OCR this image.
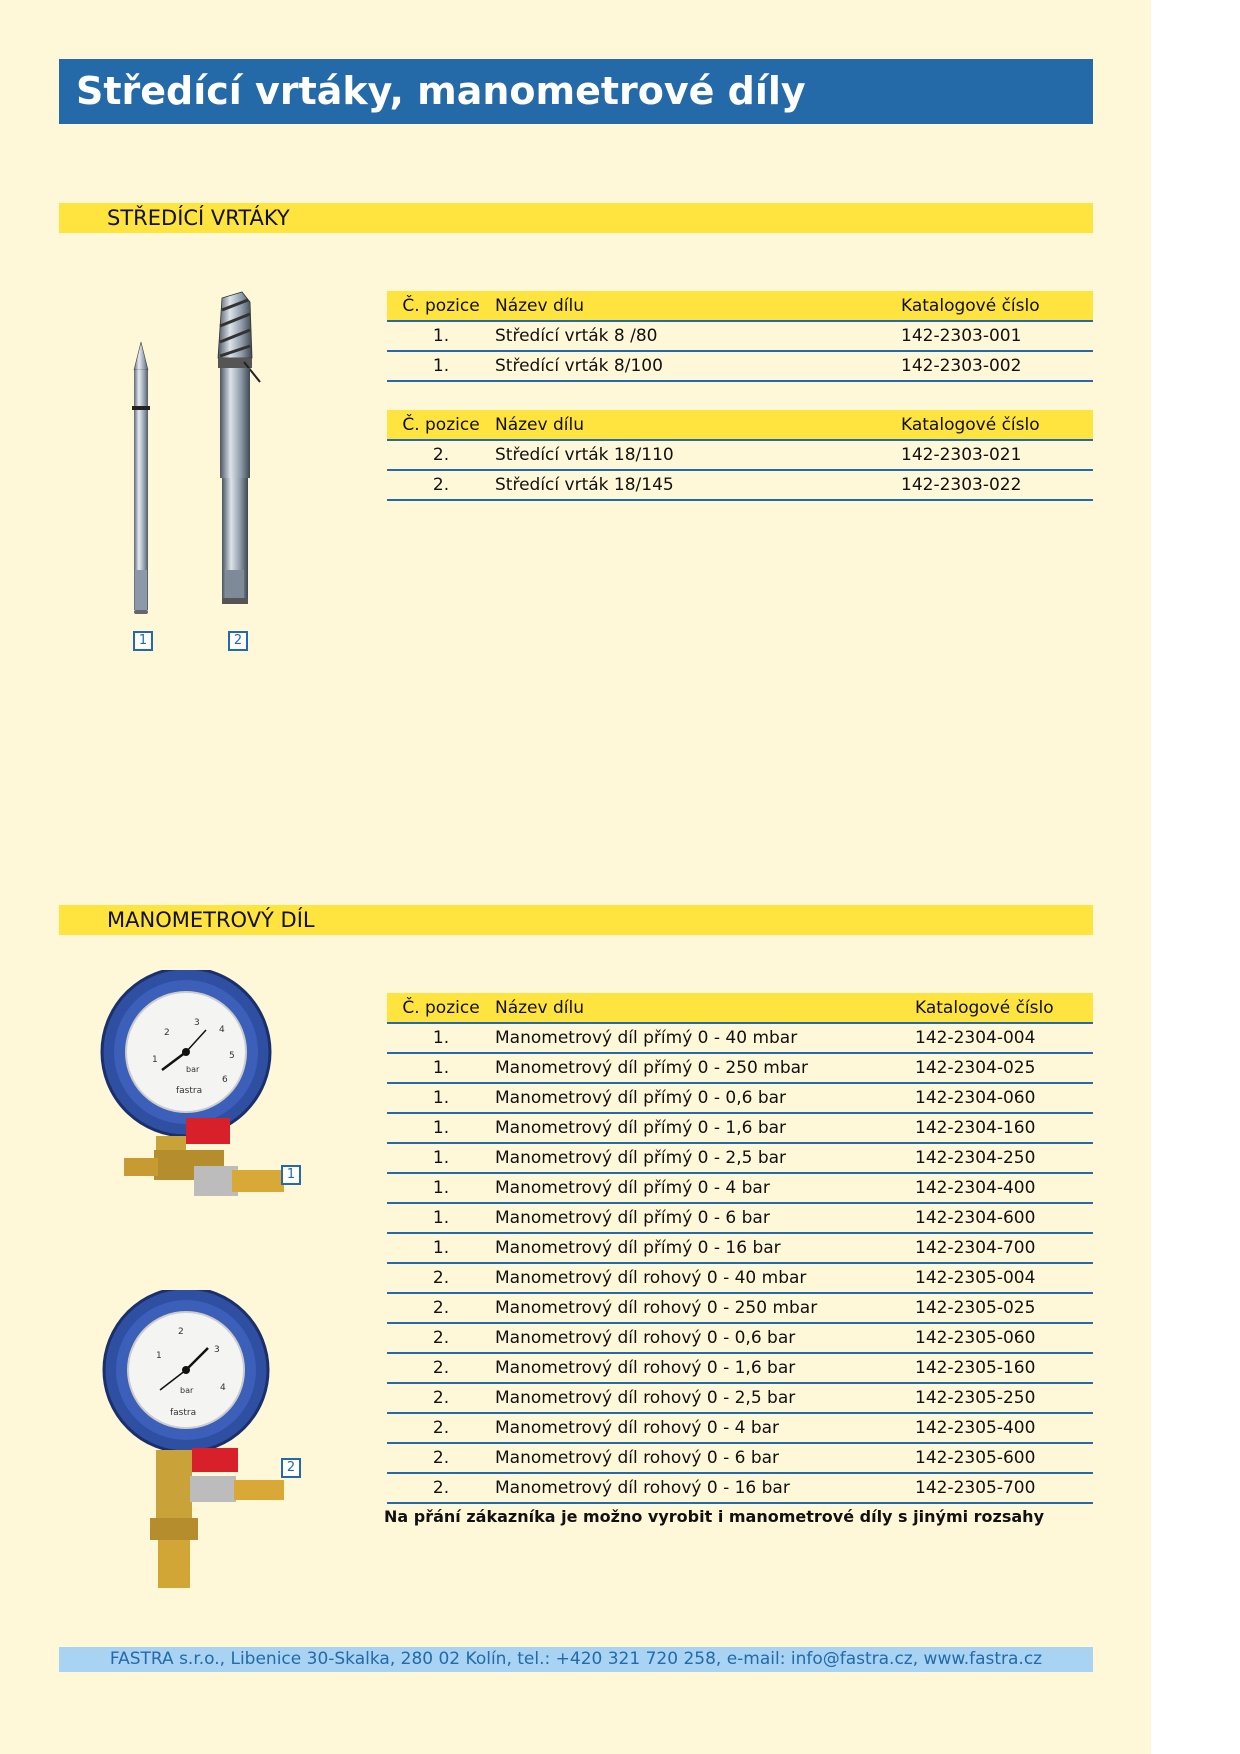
Středící vrtáky, manometrové díly
STŘEDÍCÍ VRTÁKY
1	2
Č. pozice	Název dílu	Katalogové číslo
1.	Středící vrták 8 /80	142-2303-001
1.	Středící vrták 8/100	142-2303-002
Č. pozice	Název dílu	Katalogové číslo
2.	Středící vrták 18/110	142-2303-021
2.	Středící vrták 18/145	142-2303-022
MANOMETROVÝ DÍL
3
2
1
4
5
6
bar
fastra
1
2
1
3
4
bar
fastra
2
Č. pozice	Název dílu	Katalogové číslo
1.	Manometrový díl přímý 0 - 40 mbar	142-2304-004
1.	Manometrový díl přímý 0 - 250 mbar	142-2304-025
1.	Manometrový díl přímý 0 - 0,6 bar	142-2304-060
1.	Manometrový díl přímý 0 - 1,6 bar	142-2304-160
1.	Manometrový díl přímý 0 - 2,5 bar	142-2304-250
1.	Manometrový díl přímý 0 - 4 bar	142-2304-400
1.	Manometrový díl přímý 0 - 6 bar	142-2304-600
1.	Manometrový díl přímý 0 - 16 bar	142-2304-700
2.	Manometrový díl rohový 0 - 40 mbar	142-2305-004
2.	Manometrový díl rohový 0 - 250 mbar	142-2305-025
2.	Manometrový díl rohový 0 - 0,6 bar	142-2305-060
2.	Manometrový díl rohový 0 - 1,6 bar	142-2305-160
2.	Manometrový díl rohový 0 - 2,5 bar	142-2305-250
2.	Manometrový díl rohový 0 - 4 bar	142-2305-400
2.	Manometrový díl rohový 0 - 6 bar	142-2305-600
2.	Manometrový díl rohový 0 - 16 bar	142-2305-700
Na přání zákazníka je možno vyrobit i manometrové díly s jinými rozsahy
FASTRA s.r.o., Libenice 30-Skalka, 280 02 Kolín, tel.: +420 321 720 258, e-mail: info@fastra.cz, www.fastra.cz
